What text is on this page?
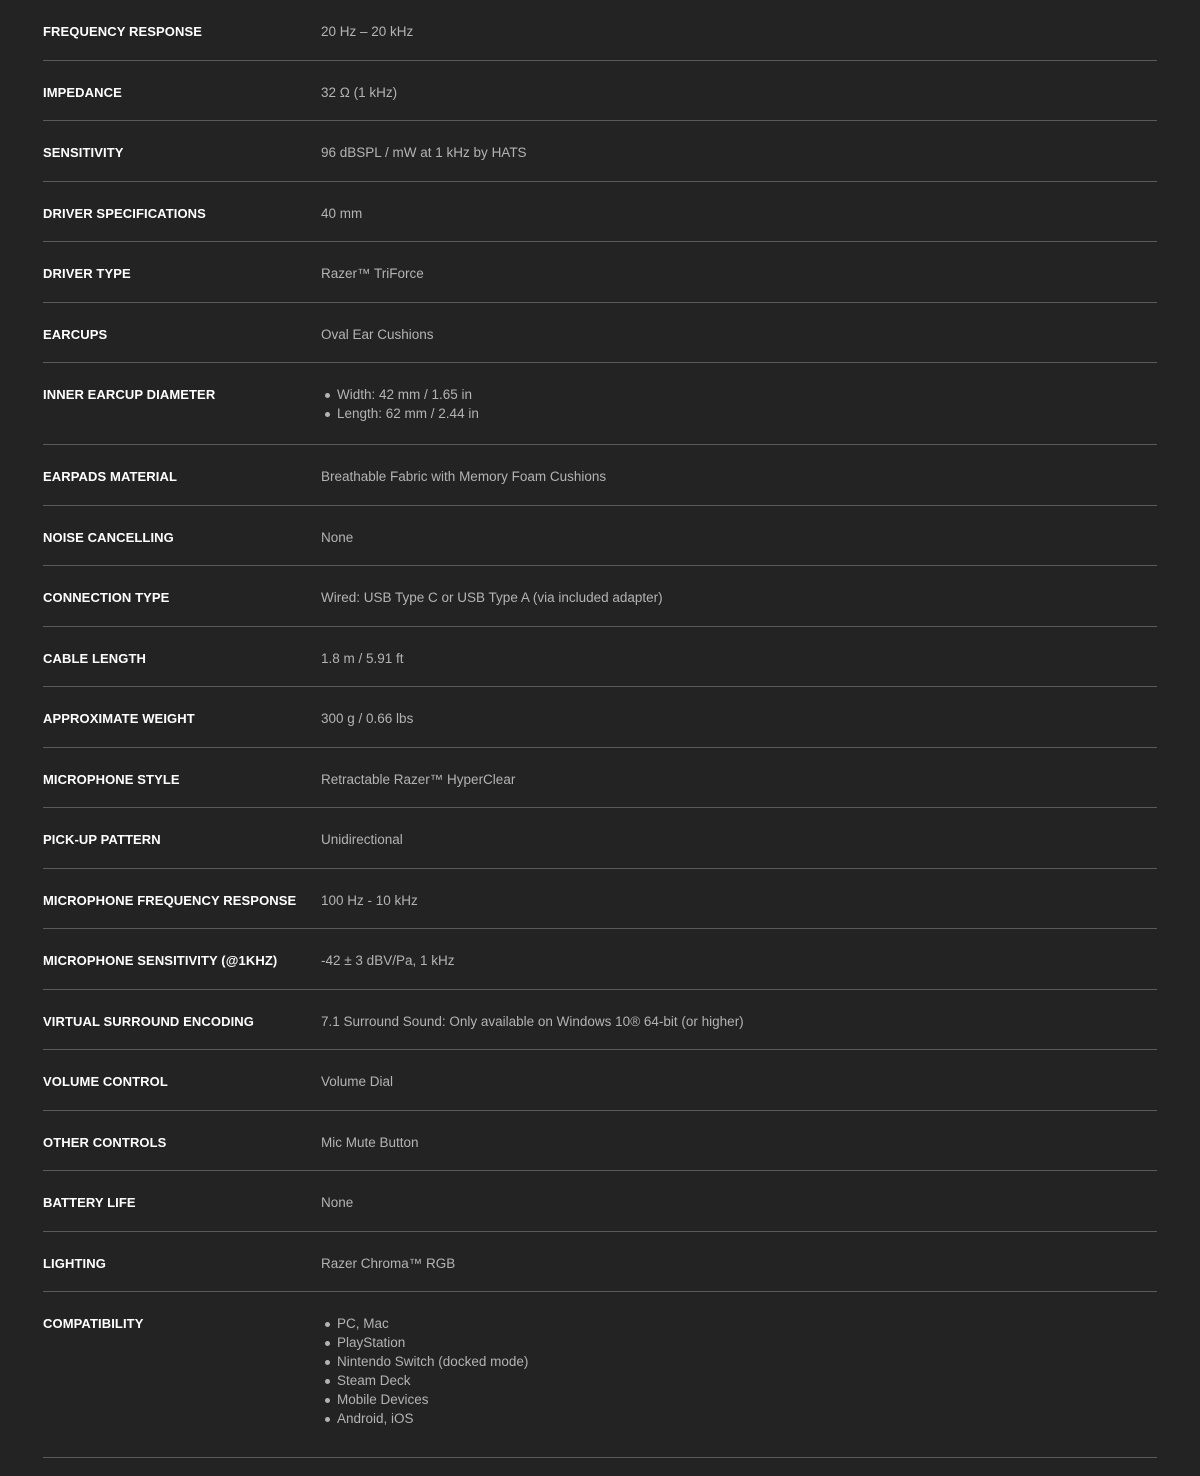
FREQUENCY RESPONSE	20 Hz – 20 kHz
IMPEDANCE	32 Ω (1 kHz)
SENSITIVITY	96 dBSPL / mW at 1 kHz by HATS
DRIVER SPECIFICATIONS	40 mm
DRIVER TYPE	Razer™ TriForce
EARCUPS	Oval Ear Cushions
INNER EARCUP DIAMETER	Width: 42 mm / 1.65 in
Length: 62 mm / 2.44 in
EARPADS MATERIAL	Breathable Fabric with Memory Foam Cushions
NOISE CANCELLING	None
CONNECTION TYPE	Wired: USB Type C or USB Type A (via included adapter)
CABLE LENGTH	1.8 m / 5.91 ft
APPROXIMATE WEIGHT	300 g / 0.66 lbs
MICROPHONE STYLE	Retractable Razer™ HyperClear
PICK-UP PATTERN	Unidirectional
MICROPHONE FREQUENCY RESPONSE	100 Hz - 10 kHz
MICROPHONE SENSITIVITY (@1KHZ)	-42 ± 3 dBV/Pa, 1 kHz
VIRTUAL SURROUND ENCODING	7.1 Surround Sound: Only available on Windows 10® 64-bit (or higher)
VOLUME CONTROL	Volume Dial
OTHER CONTROLS	Mic Mute Button
BATTERY LIFE	None
LIGHTING	Razer Chroma™ RGB
COMPATIBILITY	PC, Mac
PlayStation
Nintendo Switch (docked mode)
Steam Deck
Mobile Devices
Android, iOS
